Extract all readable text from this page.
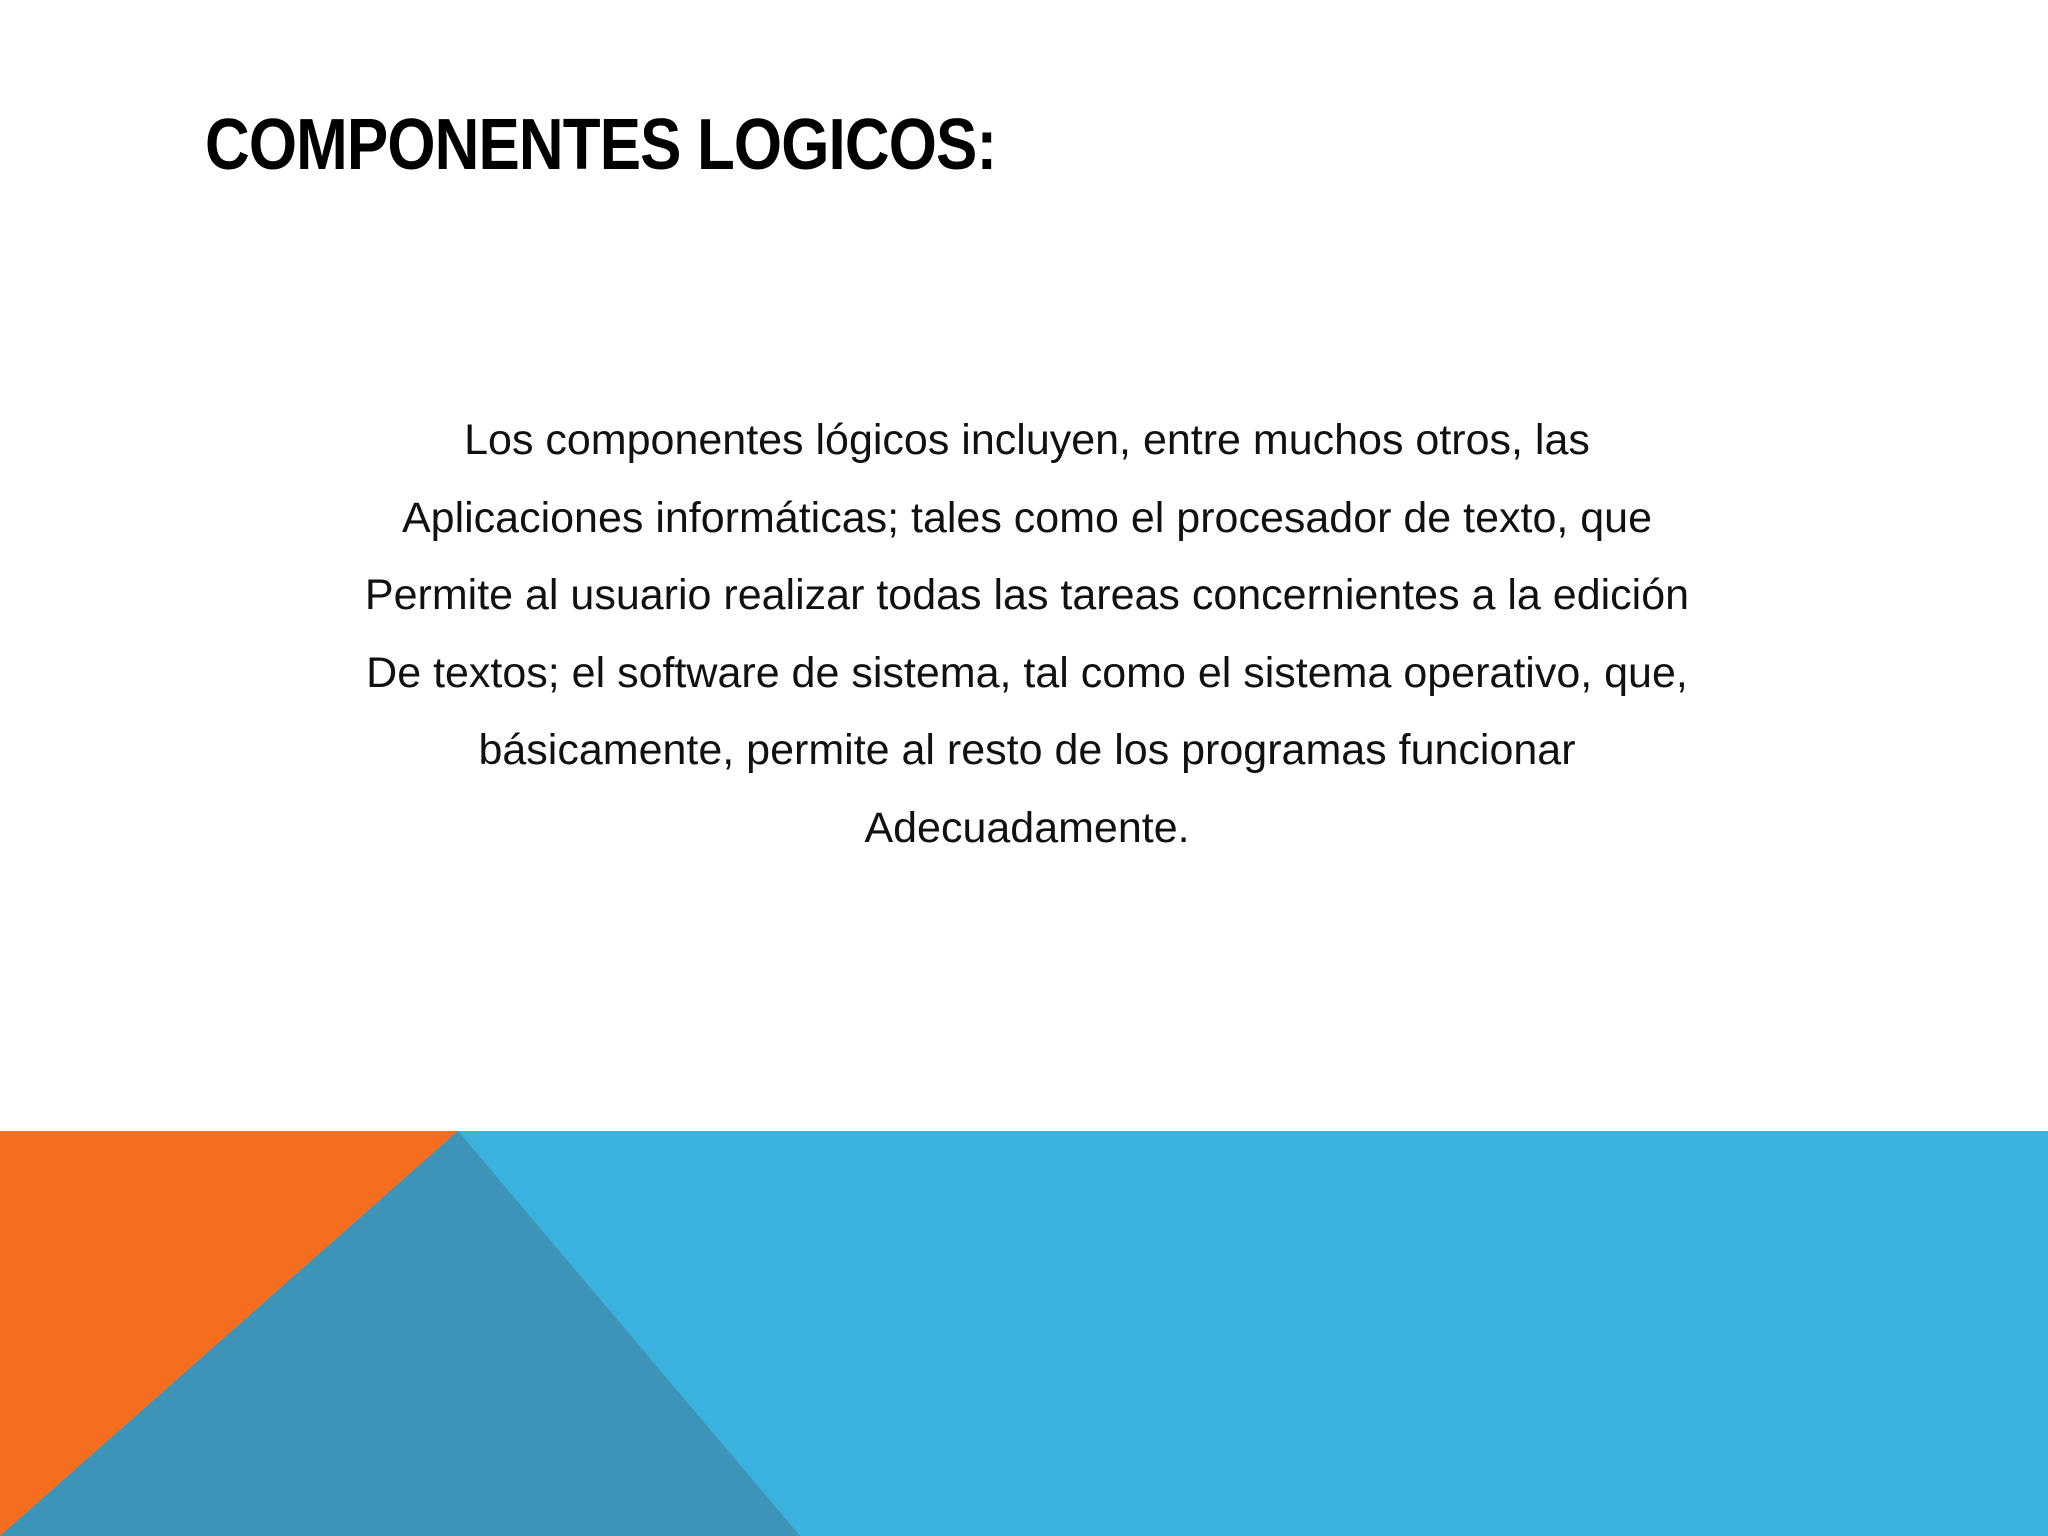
COMPONENTES LOGICOS:
Los componentes lógicos incluyen, entre muchos otros, las
Aplicaciones informáticas; tales como el procesador de texto, que
Permite al usuario realizar todas las tareas concernientes a la edición
De textos; el software de sistema, tal como el sistema operativo, que,
básicamente, permite al resto de los programas funcionar
Adecuadamente.
